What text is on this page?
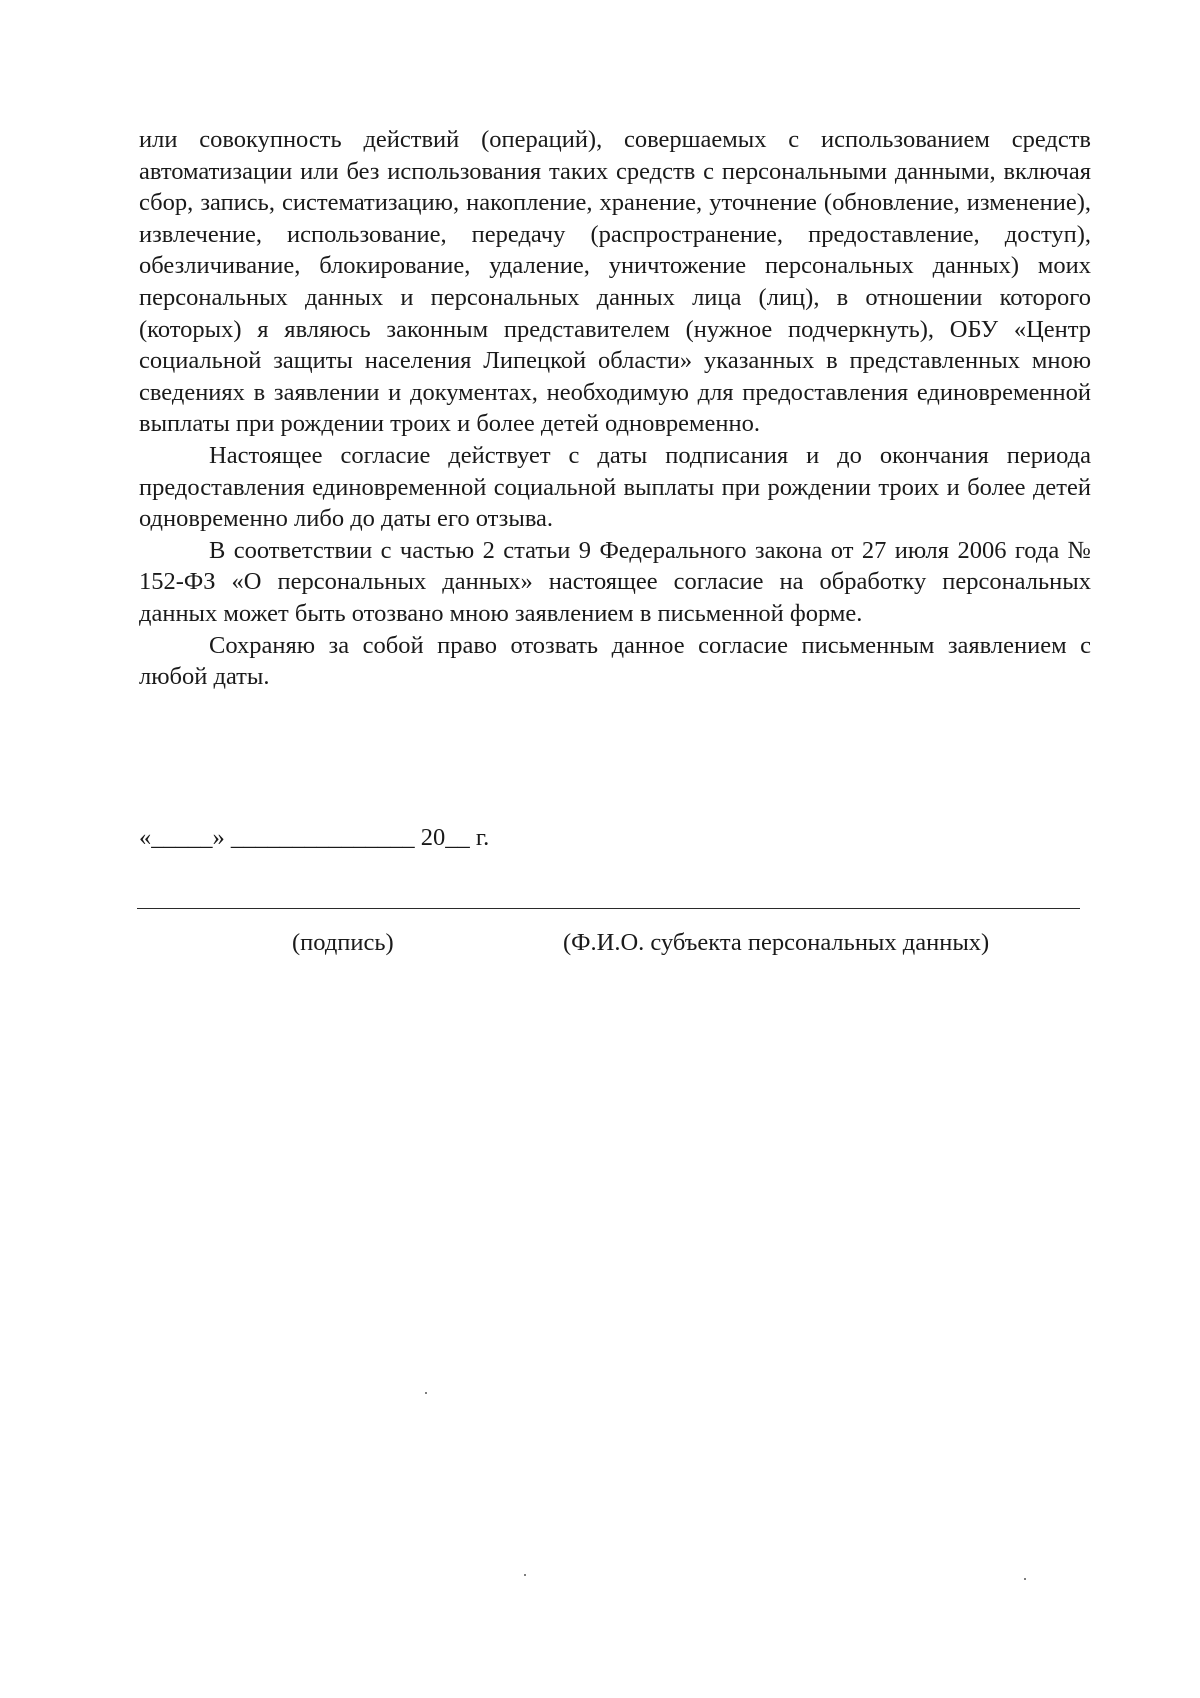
или совокупность действий (операций), совершаемых с использованием средств автоматизации или без использования таких средств с персональными данными, включая сбор, запись, систематизацию, накопление, хранение, уточнение (обновление, изменение), извлечение, использование, передачу (распространение, предоставление, доступ), обезличивание, блокирование, удаление, уничтожение персональных данных) моих персональных данных и персональных данных лица (лиц), в отношении которого (которых) я являюсь законным представителем (нужное подчеркнуть), ОБУ «Центр социальной защиты населения Липецкой области» указанных в представленных мною сведениях в заявлении и документах, необходимую для предоставления единовременной выплаты при рождении троих и более детей одновременно.

Настоящее согласие действует с даты подписания и до окончания периода предоставления единовременной социальной выплаты при рождении троих и более детей одновременно либо до даты его отзыва.

В соответствии с частью 2 статьи 9 Федерального закона от 27 июля 2006 года № 152-ФЗ «О персональных данных» настоящее согласие на обработку персональных данных может быть отозвано мною заявлением в письменной форме.

Сохраняю за собой право отозвать данное согласие письменным заявлением с любой даты.

«_____» _______________ 20__ г.
(подпись)	(Ф.И.О. субъекта персональных данных)
